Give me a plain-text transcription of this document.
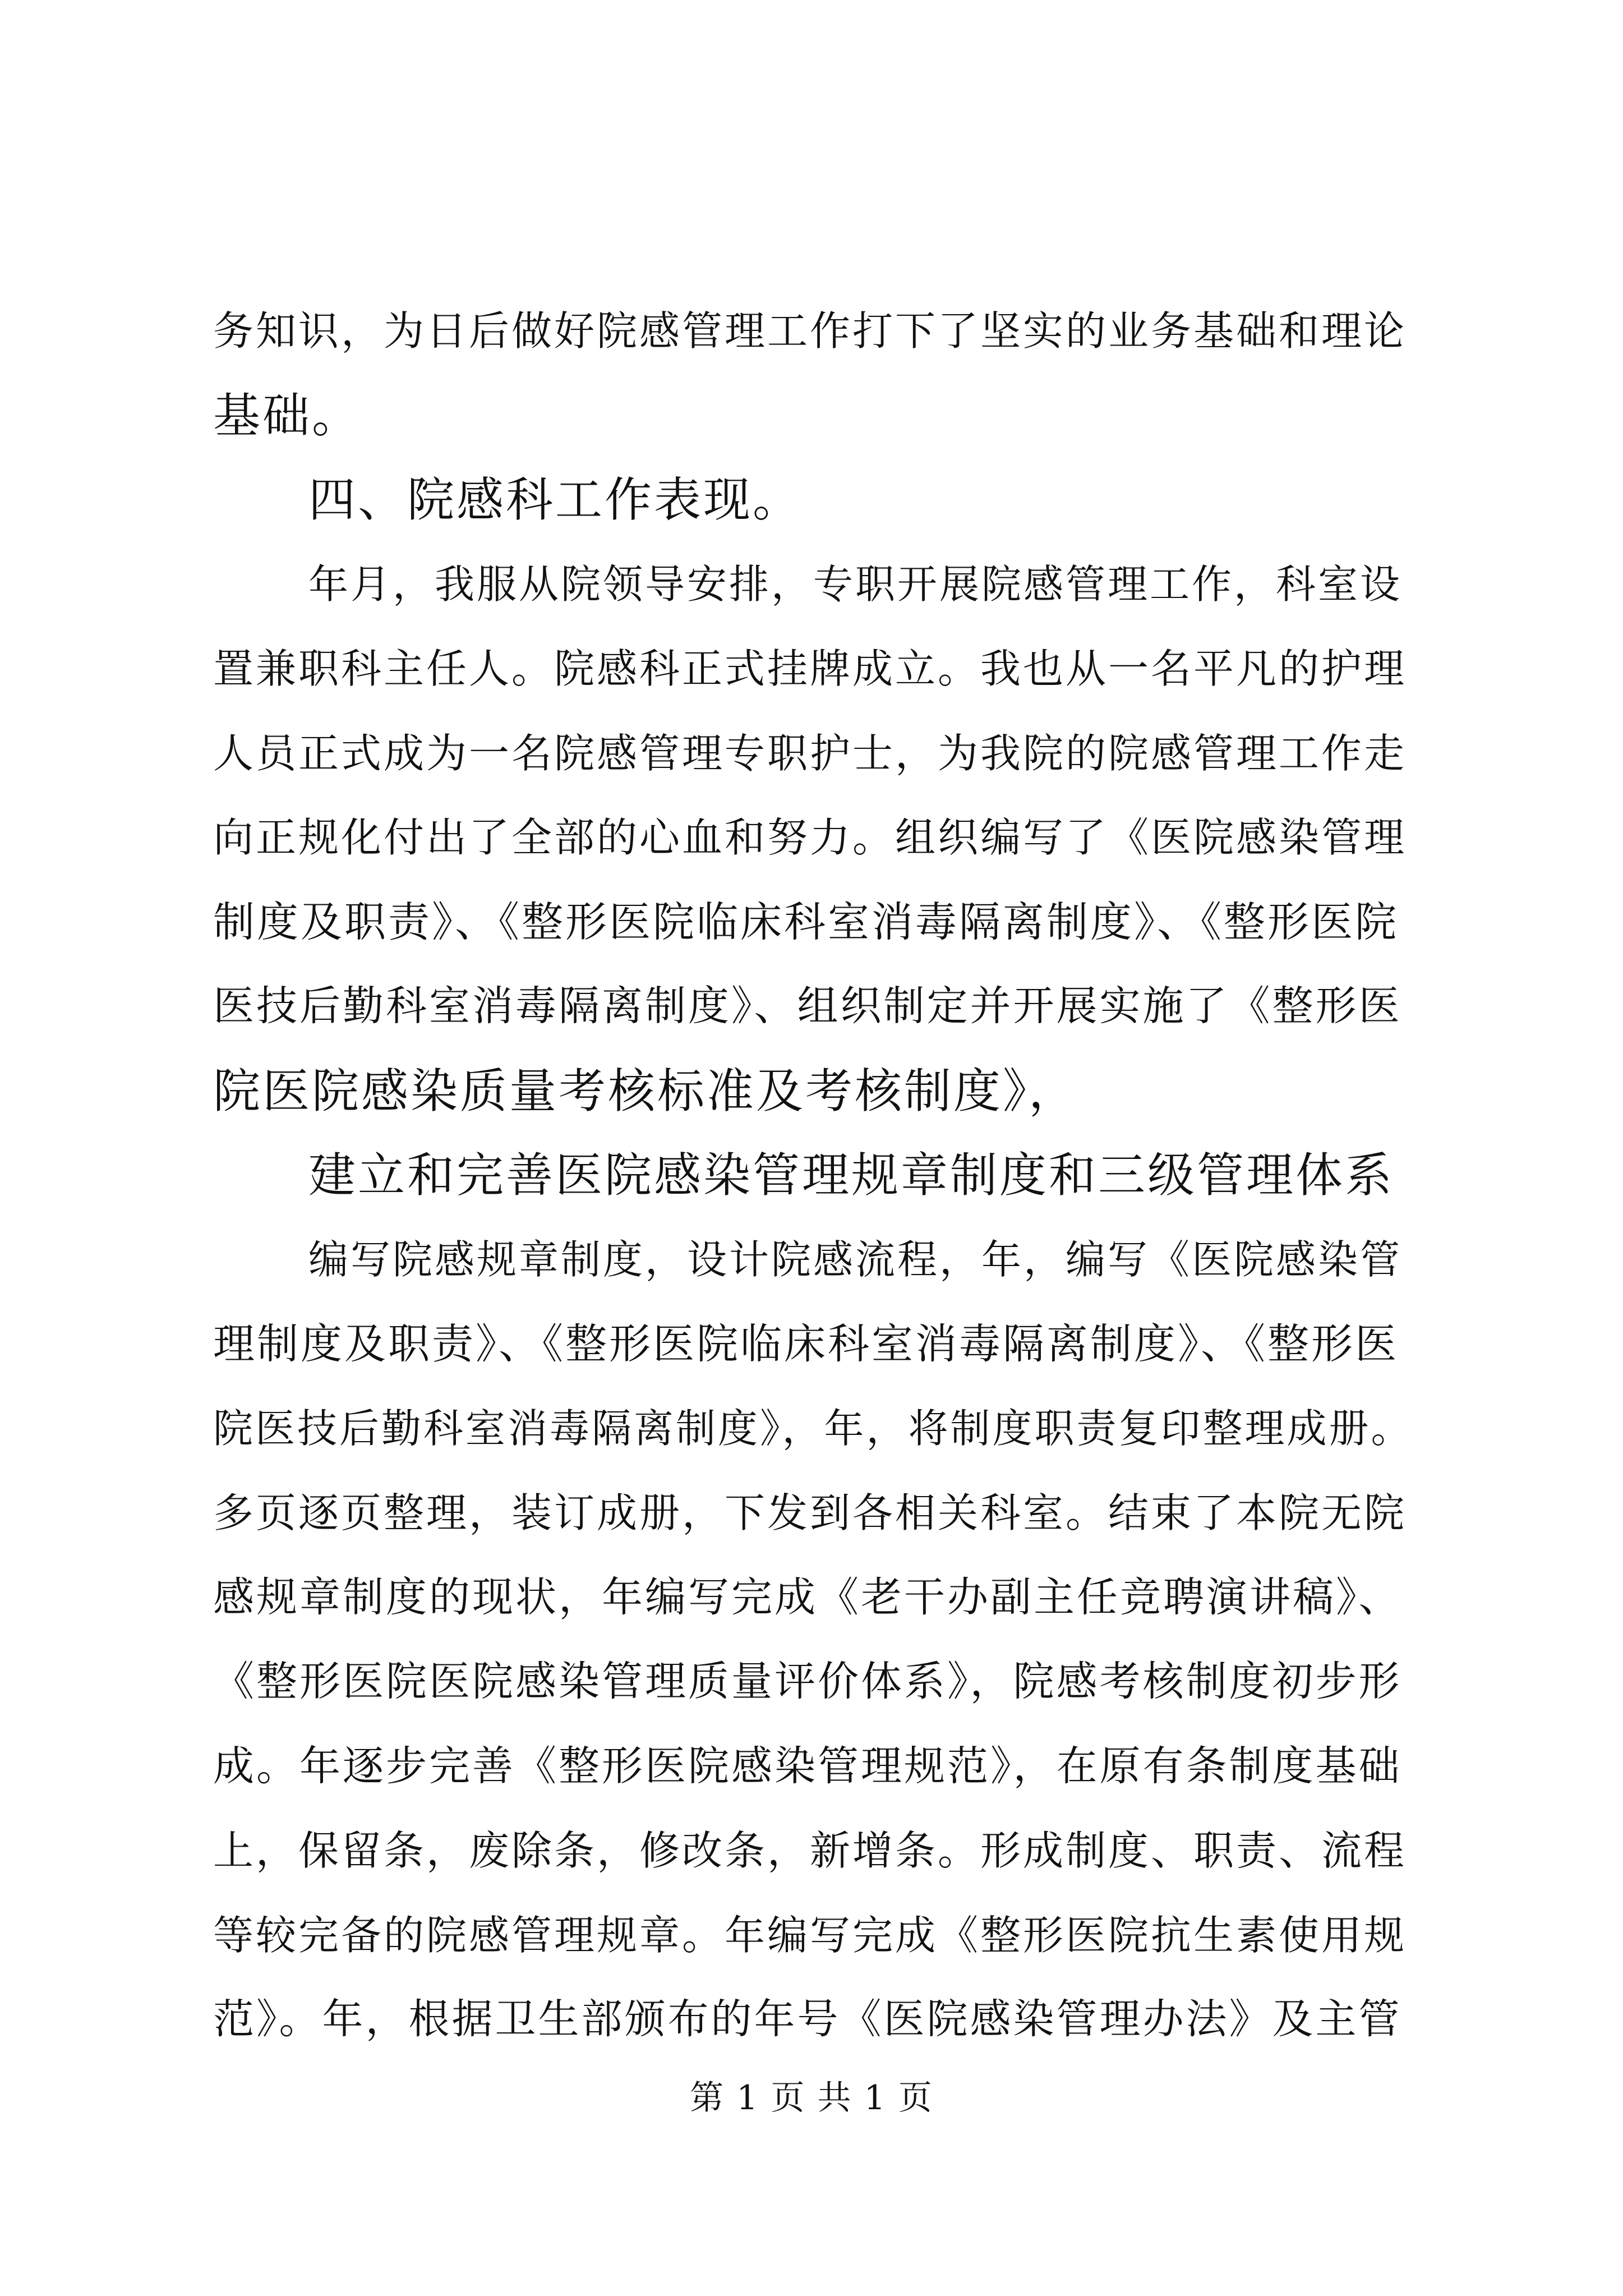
务知识，为日后做好院感管理工作打下了坚实的业务基础和理论
基础。
四、院感科工作表现。
年月，我服从院领导安排，专职开展院感管理工作，科室设
置兼职科主任人。院感科正式挂牌成立。我也从一名平凡的护理
人员正式成为一名院感管理专职护士，为我院的院感管理工作走
向正规化付出了全部的心血和努力。组织编写了《医院感染管理
制度及职责》、《整形医院临床科室消毒隔离制度》、《整形医院
医技后勤科室消毒隔离制度》、组织制定并开展实施了《整形医
院医院感染质量考核标准及考核制度》，
建立和完善医院感染管理规章制度和三级管理体系
编写院感规章制度，设计院感流程，年，编写《医院感染管
理制度及职责》、《整形医院临床科室消毒隔离制度》、《整形医
院医技后勤科室消毒隔离制度》，年，将制度职责复印整理成册。
多页逐页整理，装订成册，下发到各相关科室。结束了本院无院
感规章制度的现状，年编写完成《老干办副主任竞聘演讲稿》、
《整形医院医院感染管理质量评价体系》，院感考核制度初步形
成。年逐步完善《整形医院感染管理规范》，在原有条制度基础
上，保留条，废除条，修改条，新增条。形成制度、职责、流程
等较完备的院感管理规章。年编写完成《整形医院抗生素使用规
范》。年，根据卫生部颁布的年号《医院感染管理办法》及主管
第 1 页 共 1 页
